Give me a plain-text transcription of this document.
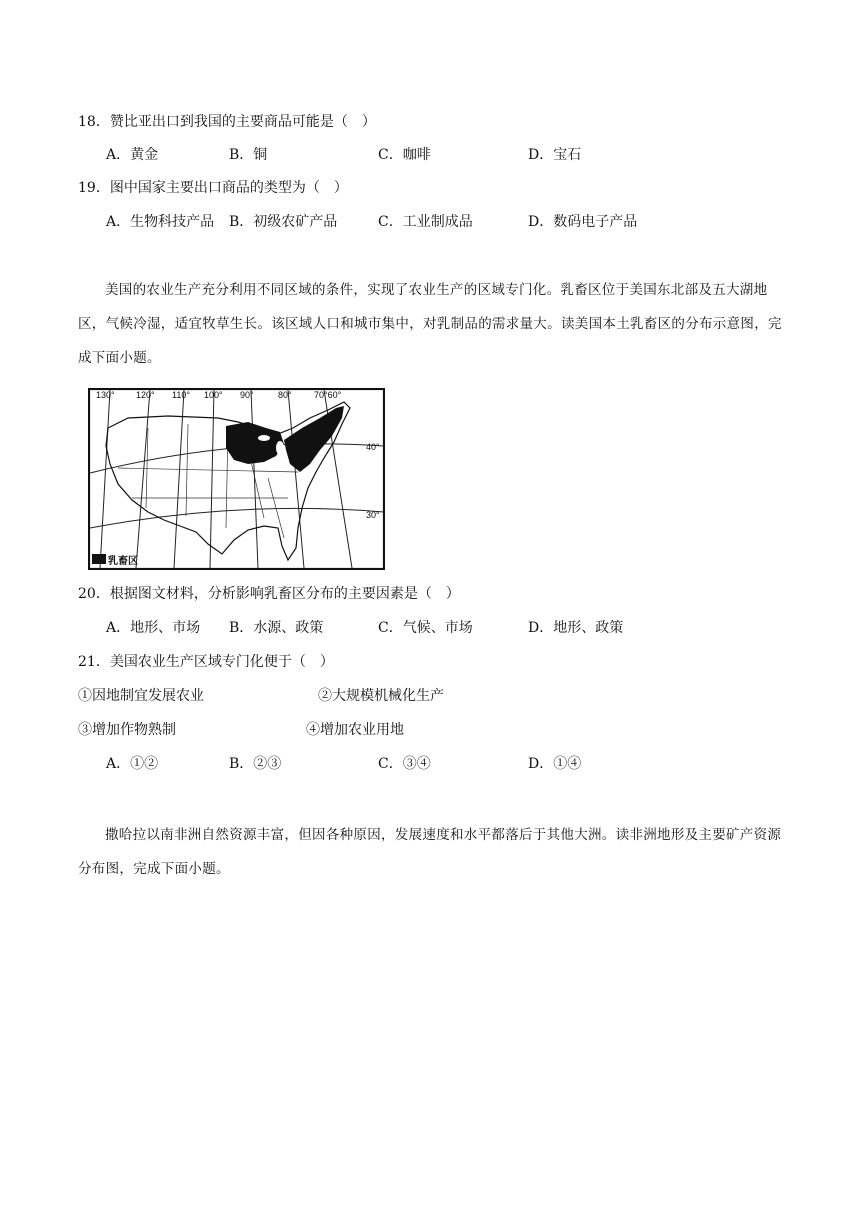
18．赞比亚出口到我国的主要商品可能是（　）
A．黄金	B．铜	C．咖啡	D．宝石
19．图中国家主要出口商品的类型为（　）
A．生物科技产品 B．初级农矿产品	C．工业制成品	D．数码电子产品
美国的农业生产充分利用不同区域的条件，实现了农业生产的区域专门化。乳畜区位于美国东北部及五大湖地区，气候冷湿，适宜牧草生长。该区域人口和城市集中，对乳制品的需求量大。读美国本土乳畜区的分布示意图，完成下面小题。
130° 120° 110° 100° 90°	80° 70°60°
40°
30°
乳畜区
20．根据图文材料，分析影响乳畜区分布的主要因素是（　）
A．地形、市场 B．水源、政策	C．气候、市场	D．地形、政策
21．美国农业生产区域专门化便于（　）
①因地制宜发展农业	②大规模机械化生产
③增加作物熟制	④增加农业用地
A．①②	B．②③	C．③④	D．①④
撒哈拉以南非洲自然资源丰富，但因各种原因，发展速度和水平都落后于其他大洲。读非洲地形及主要矿产资源分布图，完成下面小题。
